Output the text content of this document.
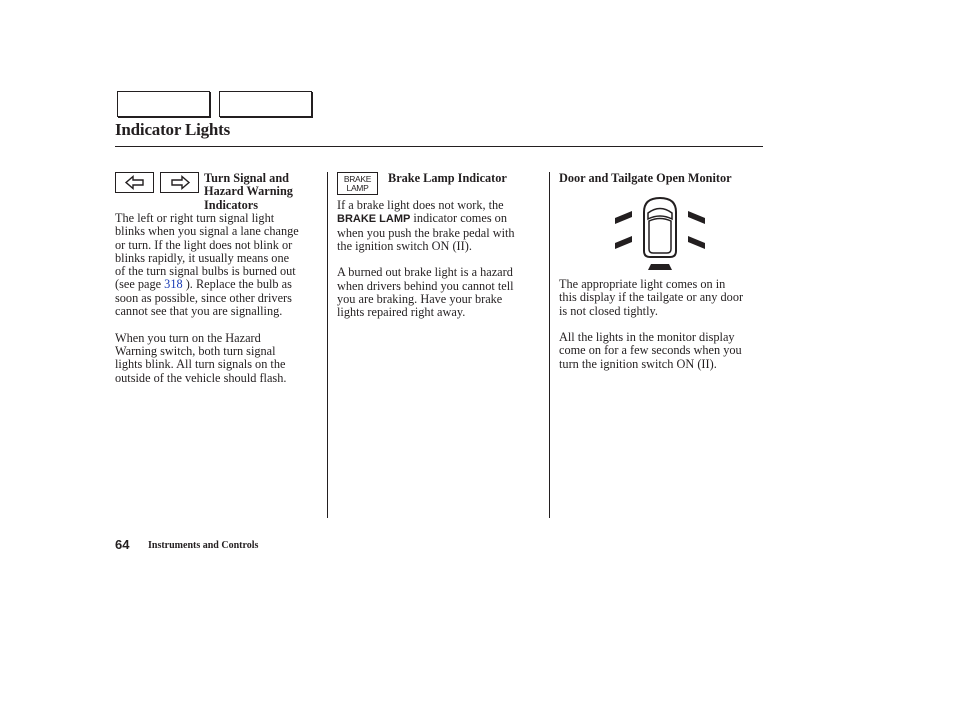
Indicator Lights
Turn Signal and
Hazard Warning
Indicators

The left or right turn signal light
blinks when you signal a lane change
or turn. If the light does not blink or
blinks rapidly, it usually means one
of the turn signal bulbs is burned out
(see page 318 ). Replace the bulb as
soon as possible, since other drivers
cannot see that you are signalling.

When you turn on the Hazard
Warning switch, both turn signal
lights blink. All turn signals on the
outside of the vehicle should flash.

BRAKE
LAMP
Brake Lamp Indicator

If a brake light does not work, the
BRAKE LAMP indicator comes on
when you push the brake pedal with
the ignition switch ON (II).

A burned out brake light is a hazard
when drivers behind you cannot tell
you are braking. Have your brake
lights repaired right away.

Door and Tailgate Open Monitor

The appropriate light comes on in
this display if the tailgate or any door
is not closed tightly.

All the lights in the monitor display
come on for a few seconds when you
turn the ignition switch ON (II).

64 Instruments and Controls
